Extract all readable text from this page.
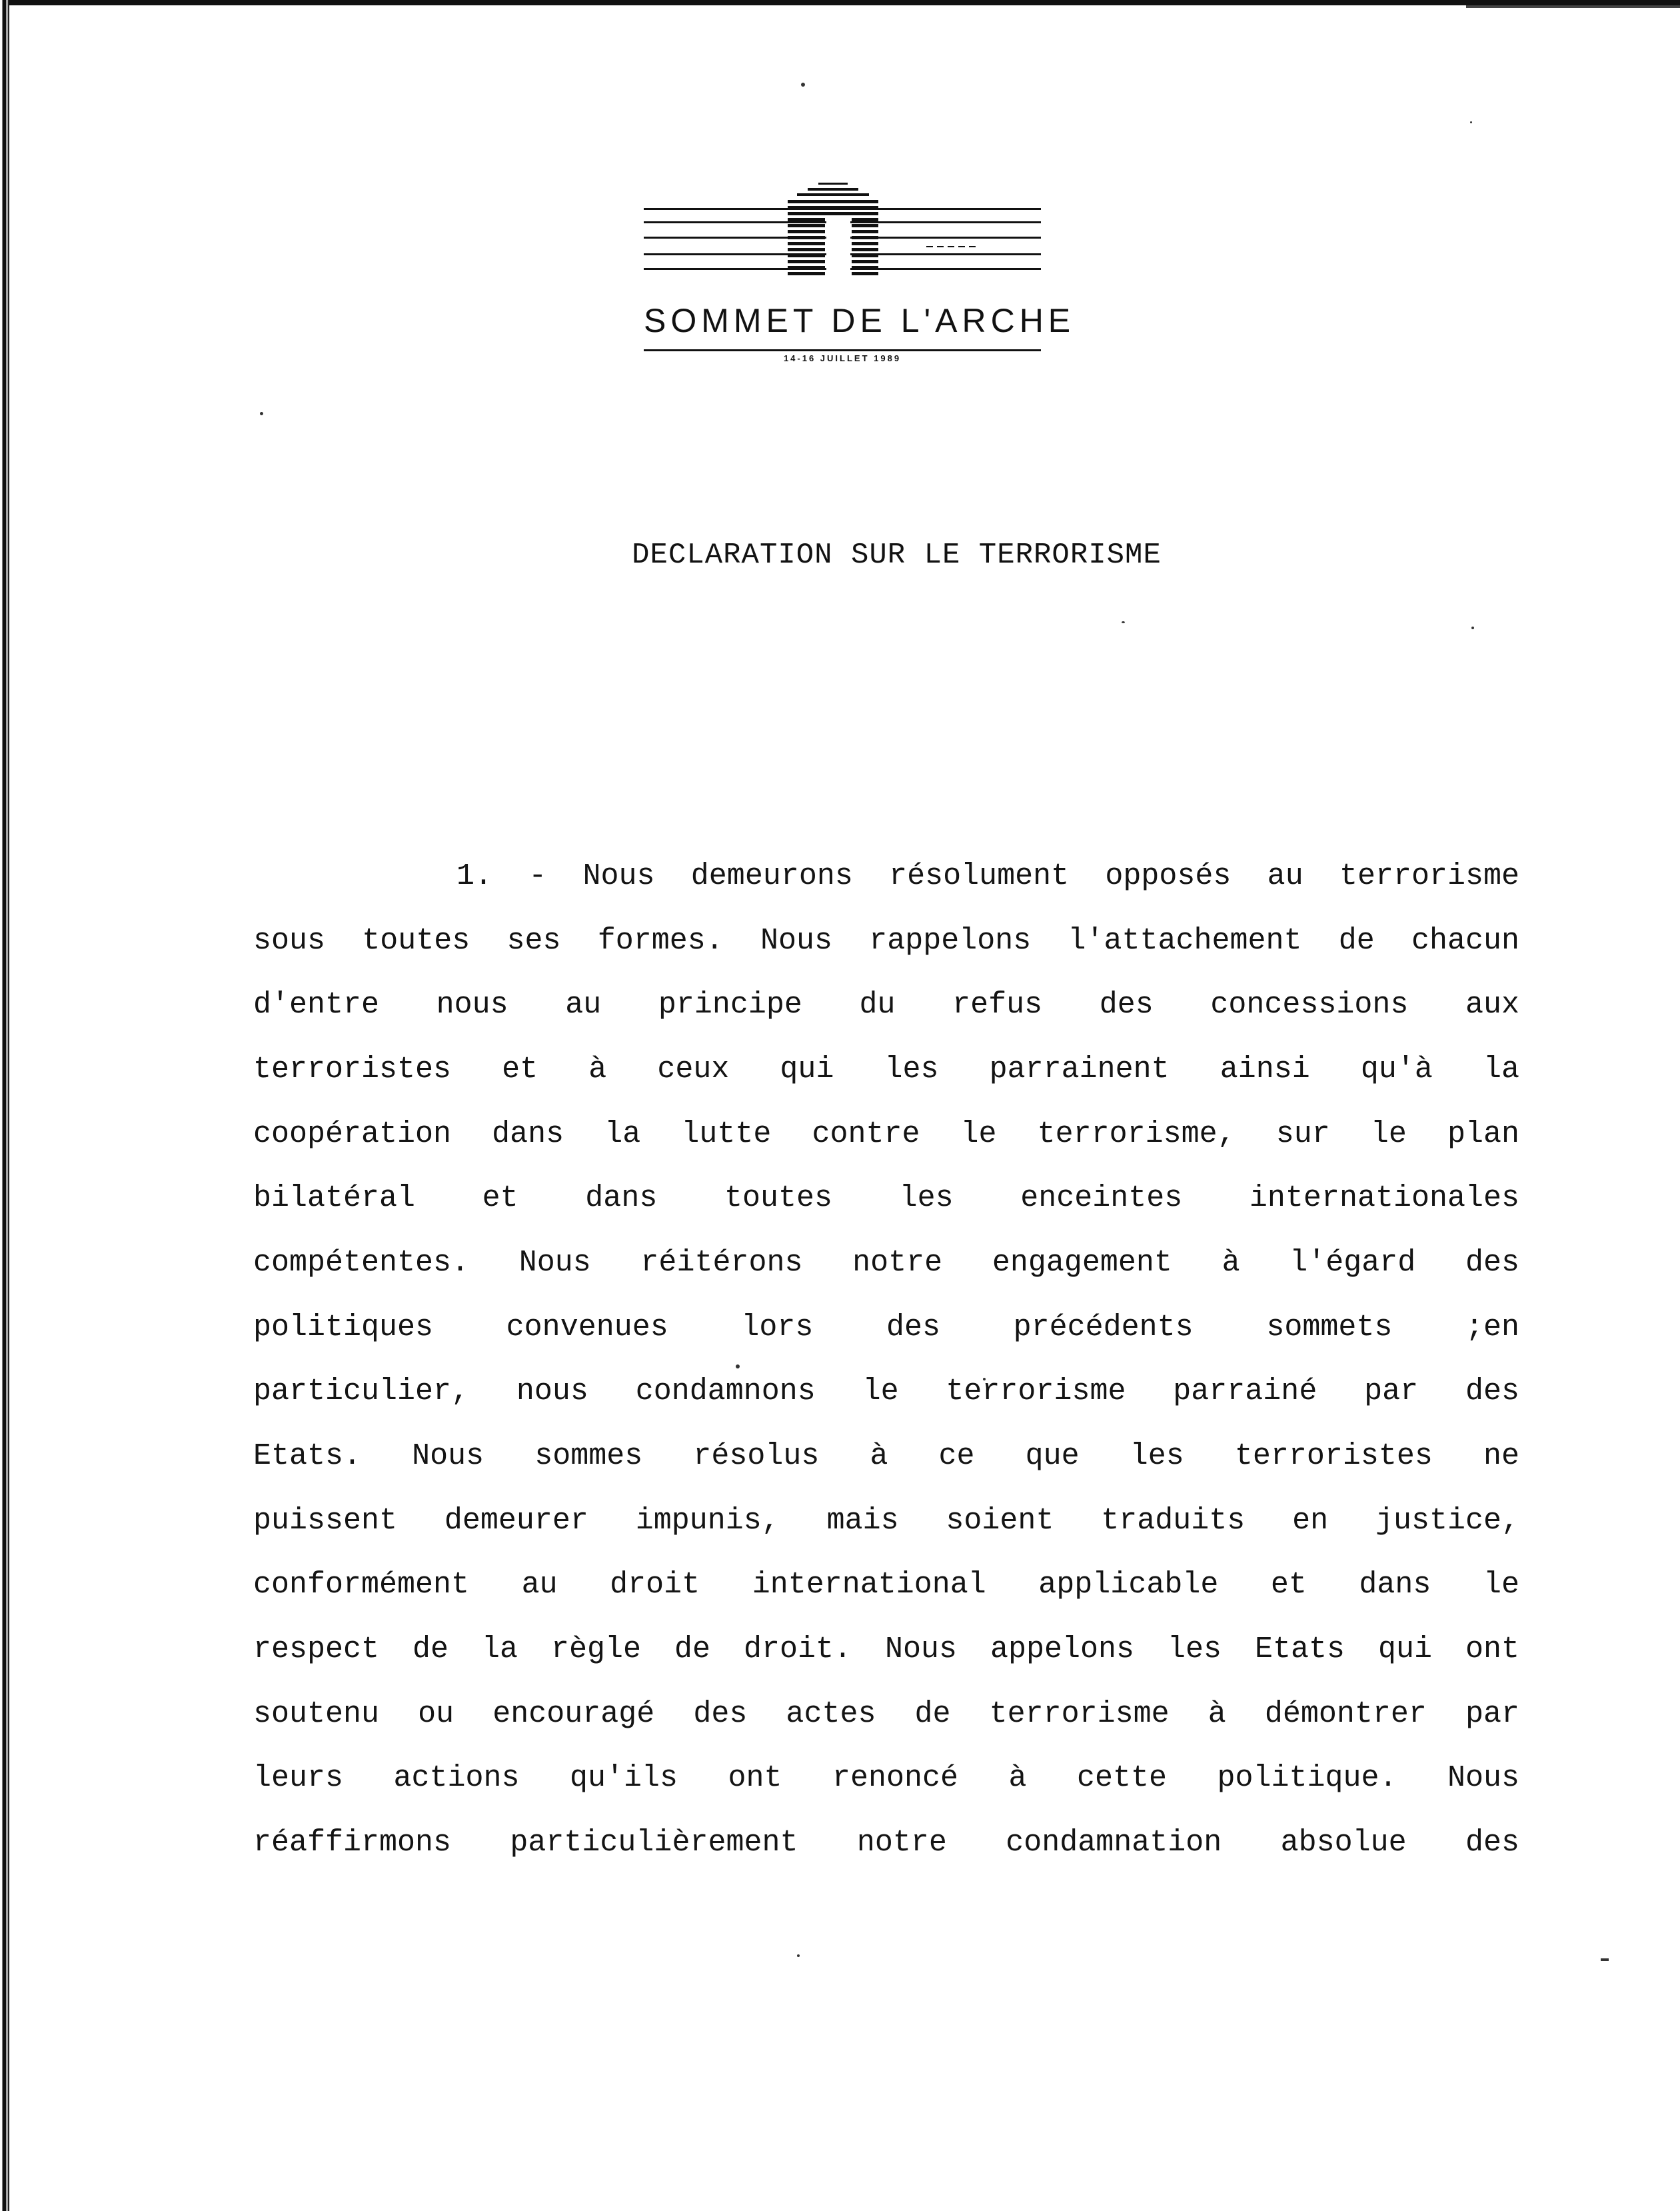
SOMMET DE L'ARCHE
14-16 JUILLET 1989
DECLARATION SUR LE TERRORISME
1. - Nous demeurons résolument opposés au terrorisme
sous toutes ses formes. Nous rappelons l'attachement de chacun
d'entre nous au principe du refus des concessions aux
terroristes et à ceux qui les parrainent ainsi qu'à la
coopération dans la lutte contre le terrorisme, sur le plan
bilatéral et dans toutes les enceintes internationales
compétentes. Nous réitérons notre engagement à l'égard des
politiques convenues lors des précédents sommets ;en
particulier, nous condamnons le terrorisme parrainé par des
Etats. Nous sommes résolus à ce que les terroristes ne
puissent demeurer impunis, mais soient traduits en justice,
conformément au droit international applicable et dans le
respect de la règle de droit. Nous appelons les Etats qui ont
soutenu ou encouragé des actes de terrorisme à démontrer par
leurs actions qu'ils ont renoncé à cette politique. Nous
réaffirmons particulièrement notre condamnation absolue des
